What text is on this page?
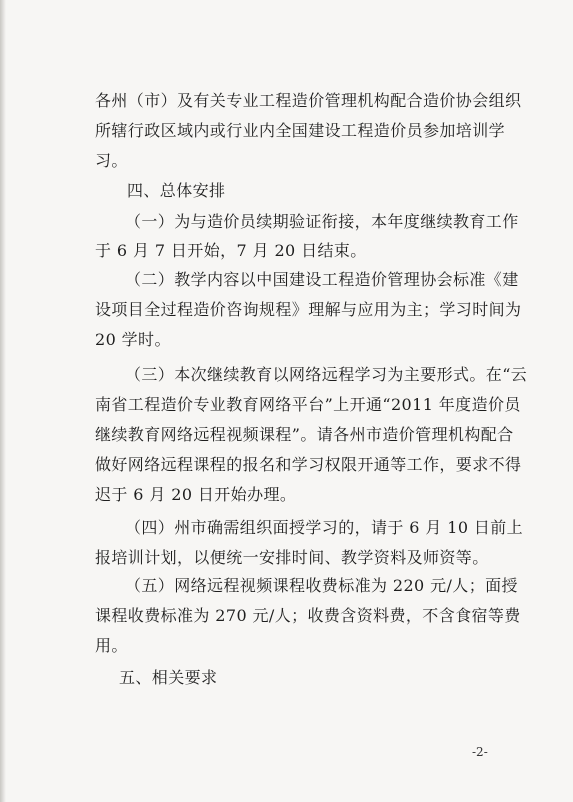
各州（市）及有关专业工程造价管理机构配合造价协会组织
所辖行政区域内或行业内全国建设工程造价员参加培训学
习。
四、总体安排
（一）为与造价员续期验证衔接，本年度继续教育工作
于 6 月 7 日开始，7 月 20 日结束。
（二）教学内容以中国建设工程造价管理协会标准《建
设项目全过程造价咨询规程》理解与应用为主；学习时间为
20 学时。
（三）本次继续教育以网络远程学习为主要形式。在“云
南省工程造价专业教育网络平台”上开通“2011 年度造价员
继续教育网络远程视频课程”。请各州市造价管理机构配合
做好网络远程课程的报名和学习权限开通等工作，要求不得
迟于 6 月 20 日开始办理。
（四）州市确需组织面授学习的，请于 6 月 10 日前上
报培训计划，以便统一安排时间、教学资料及师资等。
（五）网络远程视频课程收费标准为 220 元/人；面授
课程收费标准为 270 元/人；收费含资料费，不含食宿等费
用。
五、相关要求
-2-
